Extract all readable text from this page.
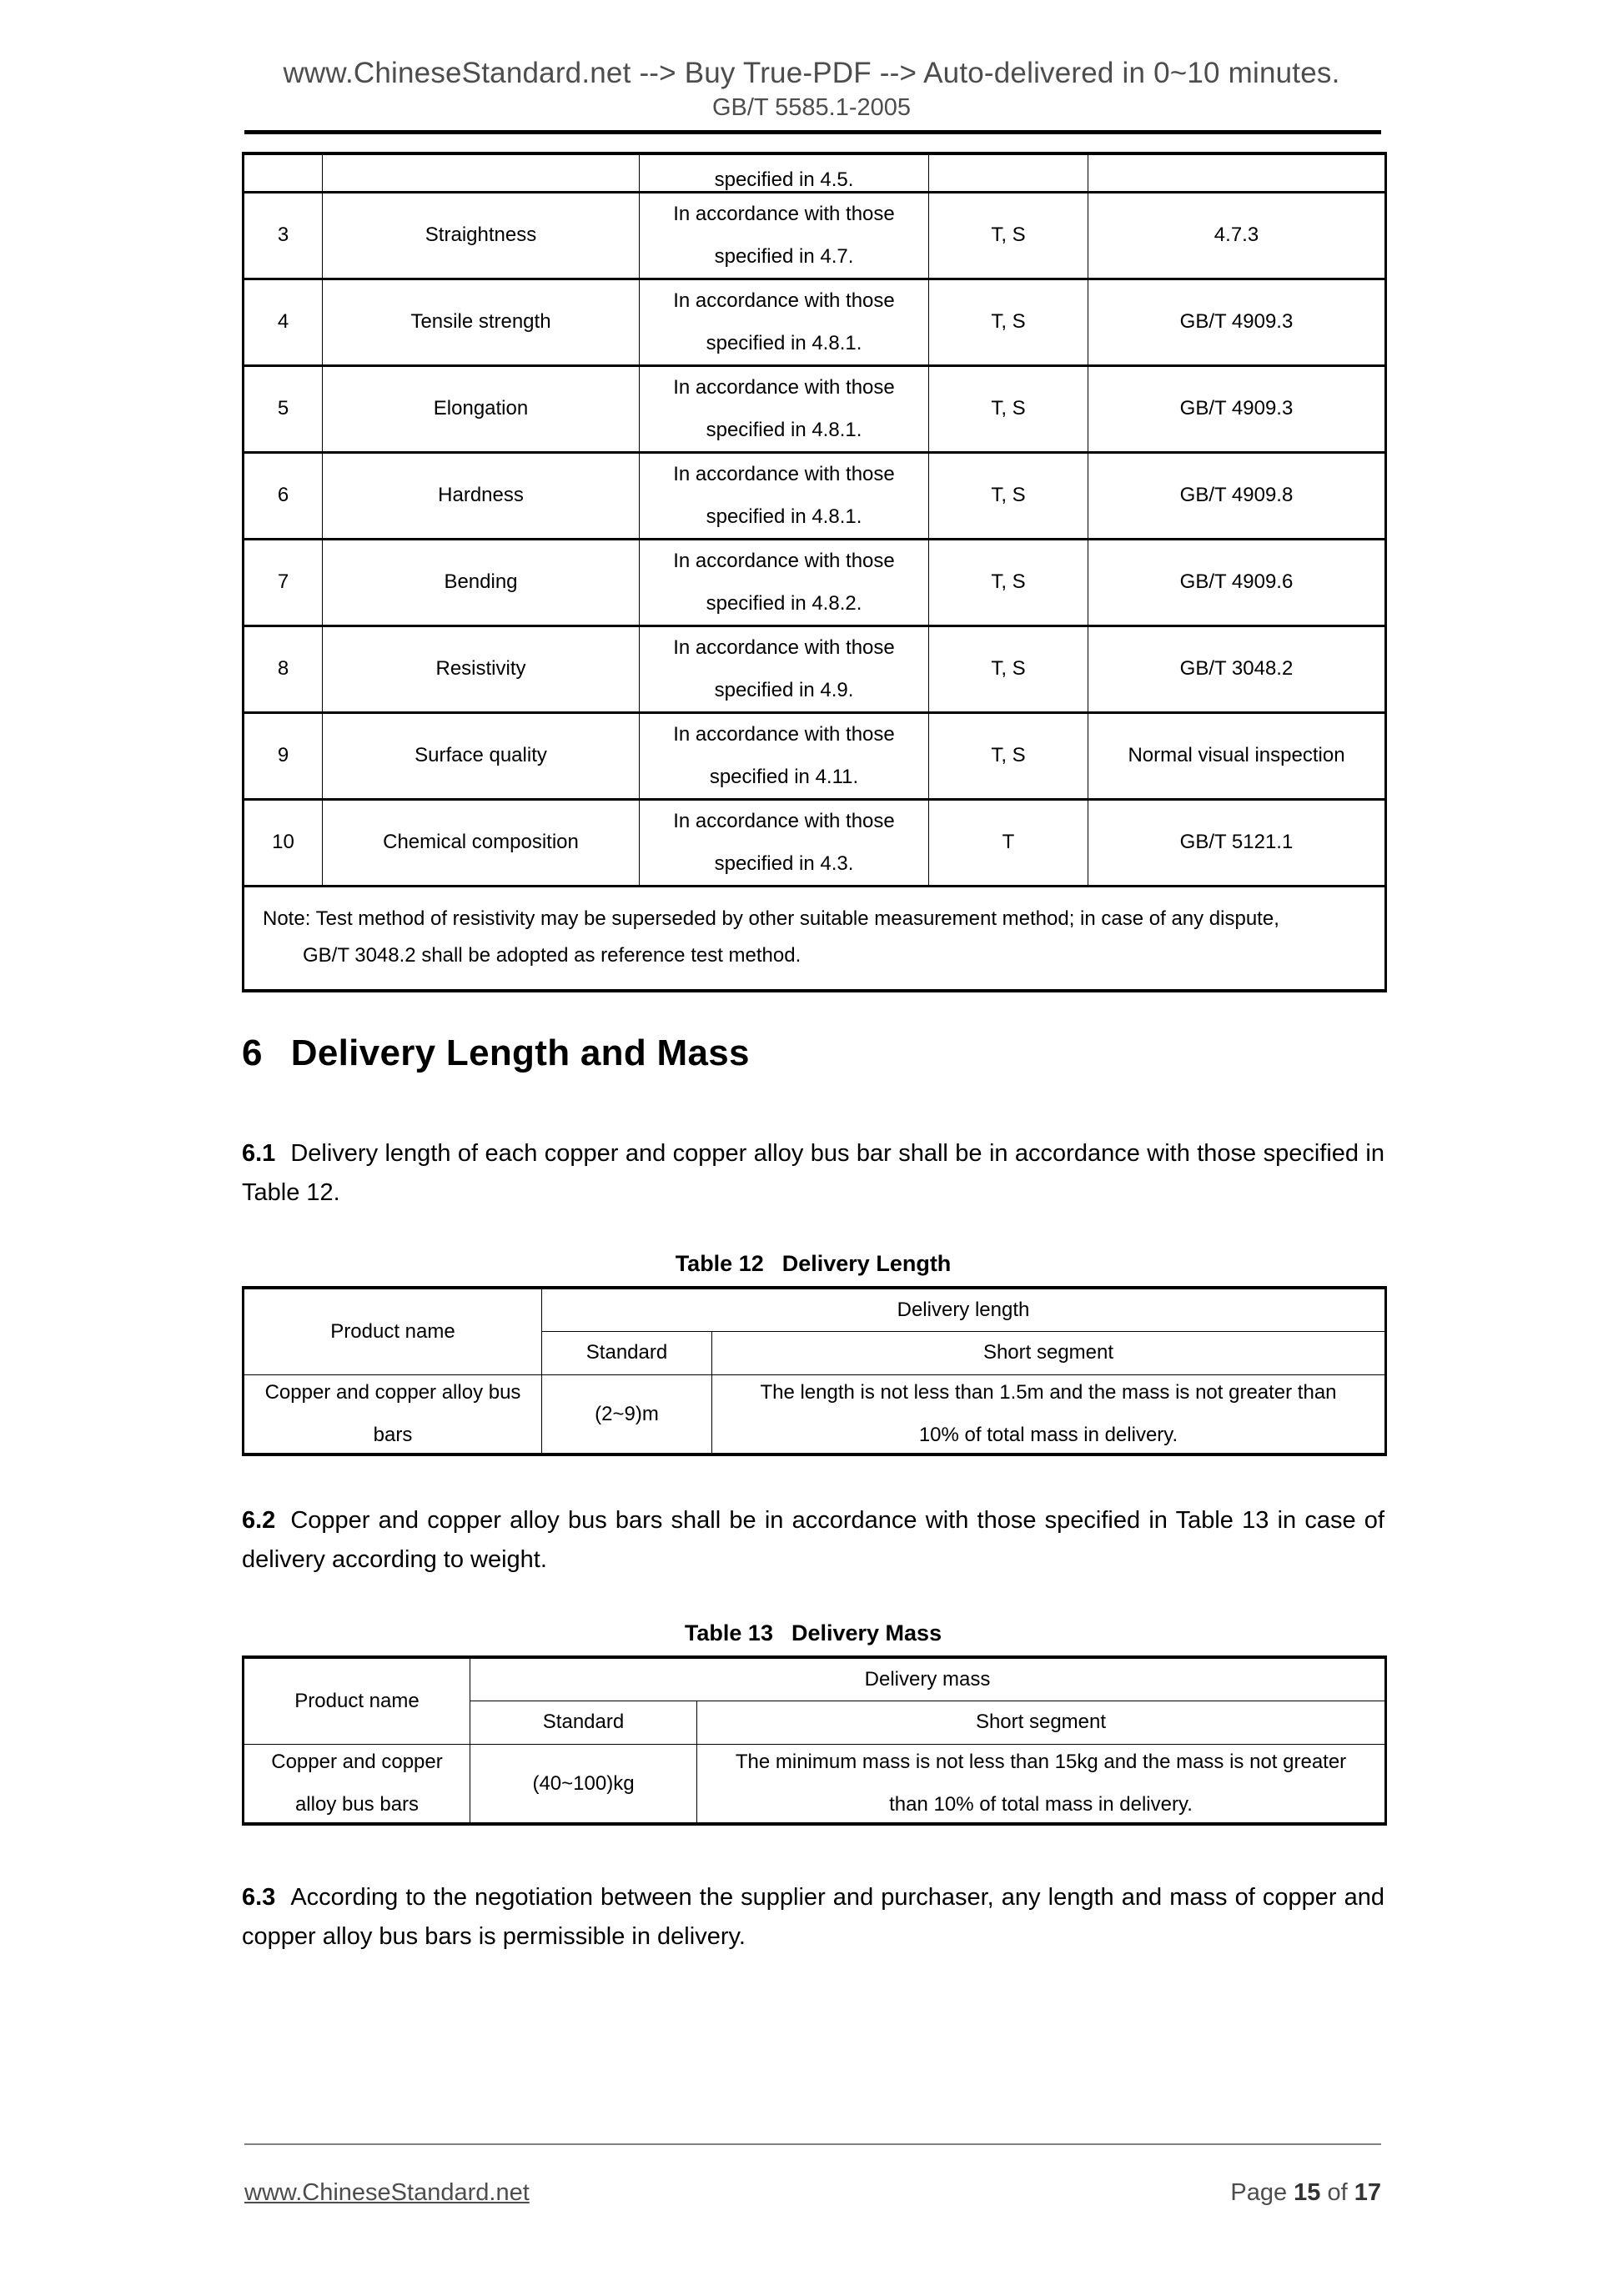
www.ChineseStandard.net --> Buy True-PDF --> Auto-delivered in 0~10 minutes.
GB/T 5585.1-2005
		specified in 4.5.		
3	Straightness	In accordance with those
specified in 4.7.	T, S	4.7.3
4	Tensile strength	In accordance with those
specified in 4.8.1.	T, S	GB/T 4909.3
5	Elongation	In accordance with those
specified in 4.8.1.	T, S	GB/T 4909.3
6	Hardness	In accordance with those
specified in 4.8.1.	T, S	GB/T 4909.8
7	Bending	In accordance with those
specified in 4.8.2.	T, S	GB/T 4909.6
8	Resistivity	In accordance with those
specified in 4.9.	T, S	GB/T 3048.2
9	Surface quality	In accordance with those
specified in 4.11.	T, S	Normal visual inspection
10	Chemical composition	In accordance with those
specified in 4.3.	T	GB/T 5121.1
Note: Test method of resistivity may be superseded by other suitable measurement method; in case of any dispute,
GB/T 3048.2 shall be adopted as reference test method.				
6 Delivery Length and Mass
6.1 Delivery length of each copper and copper alloy bus bar shall be in accordance with those specified in Table 12.
Table 12 Delivery Length
Product name	Delivery length	
	Standard	Short segment

Copper and copper alloy bus
bars	(2~9)m	The length is not less than 1.5m and the mass is not greater than
10% of total mass in delivery.
6.2 Copper and copper alloy bus bars shall be in accordance with those specified in Table 13 in case of delivery according to weight.
Table 13 Delivery Mass
Product name	Delivery mass	
	Standard	Short segment

Copper and copper
alloy bus bars	(40~100)kg	The minimum mass is not less than 15kg and the mass is not greater
than 10% of total mass in delivery.
6.3 According to the negotiation between the supplier and purchaser, any length and mass of copper and copper alloy bus bars is permissible in delivery.
www.ChineseStandard.net	Page 15 of 17
